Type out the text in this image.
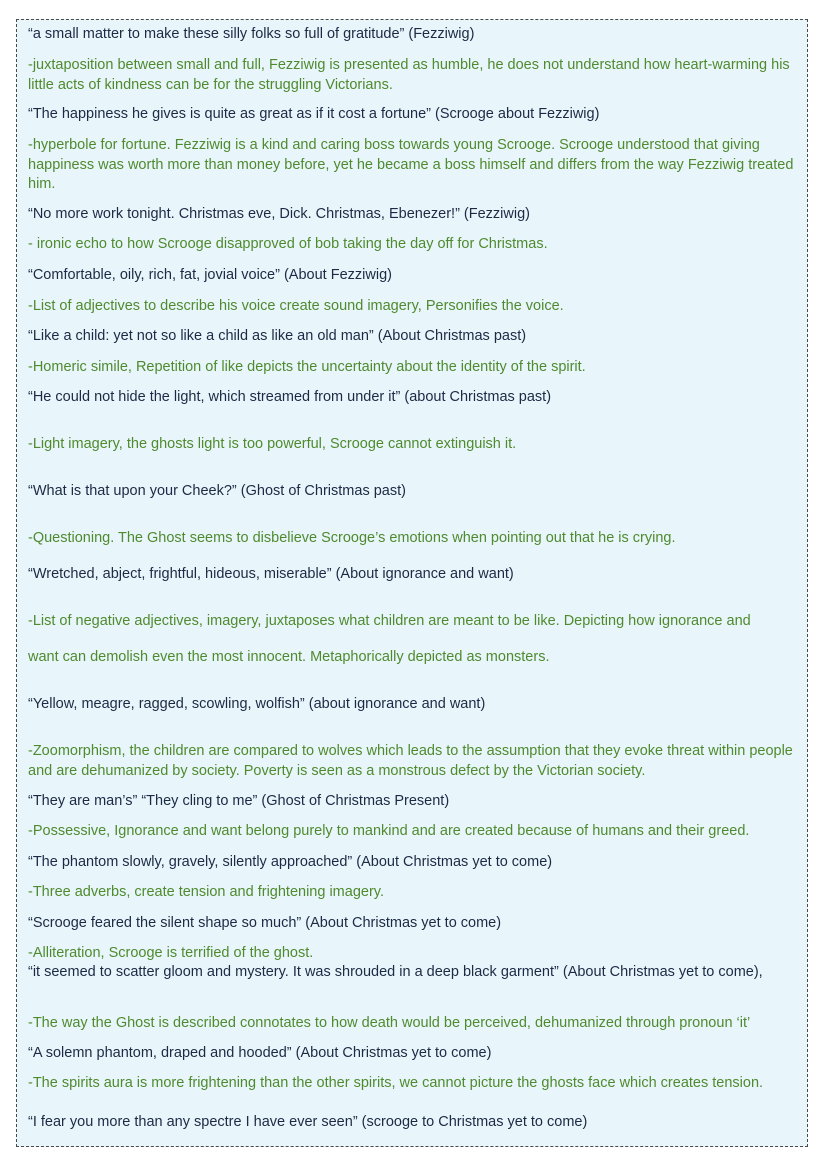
“a small matter to make these silly folks so full of gratitude” (Fezziwig)

-juxtaposition between small and full, Fezziwig is presented as humble, he does not understand how heart-warming his little acts of kindness can be for the struggling Victorians.

“The happiness he gives is quite as great as if it cost a fortune” (Scrooge about Fezziwig)

-hyperbole for fortune. Fezziwig is a kind and caring boss towards young Scrooge. Scrooge understood that giving happiness was worth more than money before, yet he became a boss himself and differs from the way Fezziwig treated him.

“No more work tonight. Christmas eve, Dick. Christmas, Ebenezer!” (Fezziwig)

- ironic echo to how Scrooge disapproved of bob taking the day off for Christmas.

“Comfortable, oily, rich, fat, jovial voice” (About Fezziwig)

-List of adjectives to describe his voice create sound imagery, Personifies the voice.

“Like a child: yet not so like a child as like an old man” (About Christmas past)

-Homeric simile, Repetition of like depicts the uncertainty about the identity of the spirit.

“He could not hide the light, which streamed from under it” (about Christmas past)

-Light imagery, the ghosts light is too powerful, Scrooge cannot extinguish it.

“What is that upon your Cheek?” (Ghost of Christmas past)

-Questioning. The Ghost seems to disbelieve Scrooge’s emotions when pointing out that he is crying.

“Wretched, abject, frightful, hideous, miserable” (About ignorance and want)

-List of negative adjectives, imagery, juxtaposes what children are meant to be like. Depicting how ignorance and

want can demolish even the most innocent. Metaphorically depicted as monsters.

“Yellow, meagre, ragged, scowling, wolfish” (about ignorance and want)

-Zoomorphism, the children are compared to wolves which leads to the assumption that they evoke threat within people and are dehumanized by society. Poverty is seen as a monstrous defect by the Victorian society.

“They are man’s” “They cling to me” (Ghost of Christmas Present)

-Possessive, Ignorance and want belong purely to mankind and are created because of humans and their greed.

“The phantom slowly, gravely, silently approached” (About Christmas yet to come)

-Three adverbs, create tension and frightening imagery.

“Scrooge feared the silent shape so much” (About Christmas yet to come)

-Alliteration, Scrooge is terrified of the ghost.

“it seemed to scatter gloom and mystery. It was shrouded in a deep black garment” (About Christmas yet to come),

-The way the Ghost is described connotates to how death would be perceived, dehumanized through pronoun ‘it’

“A solemn phantom, draped and hooded” (About Christmas yet to come)

-The spirits aura is more frightening than the other spirits, we cannot picture the ghosts face which creates tension.

“I fear you more than any spectre I have ever seen” (scrooge to Christmas yet to come)
